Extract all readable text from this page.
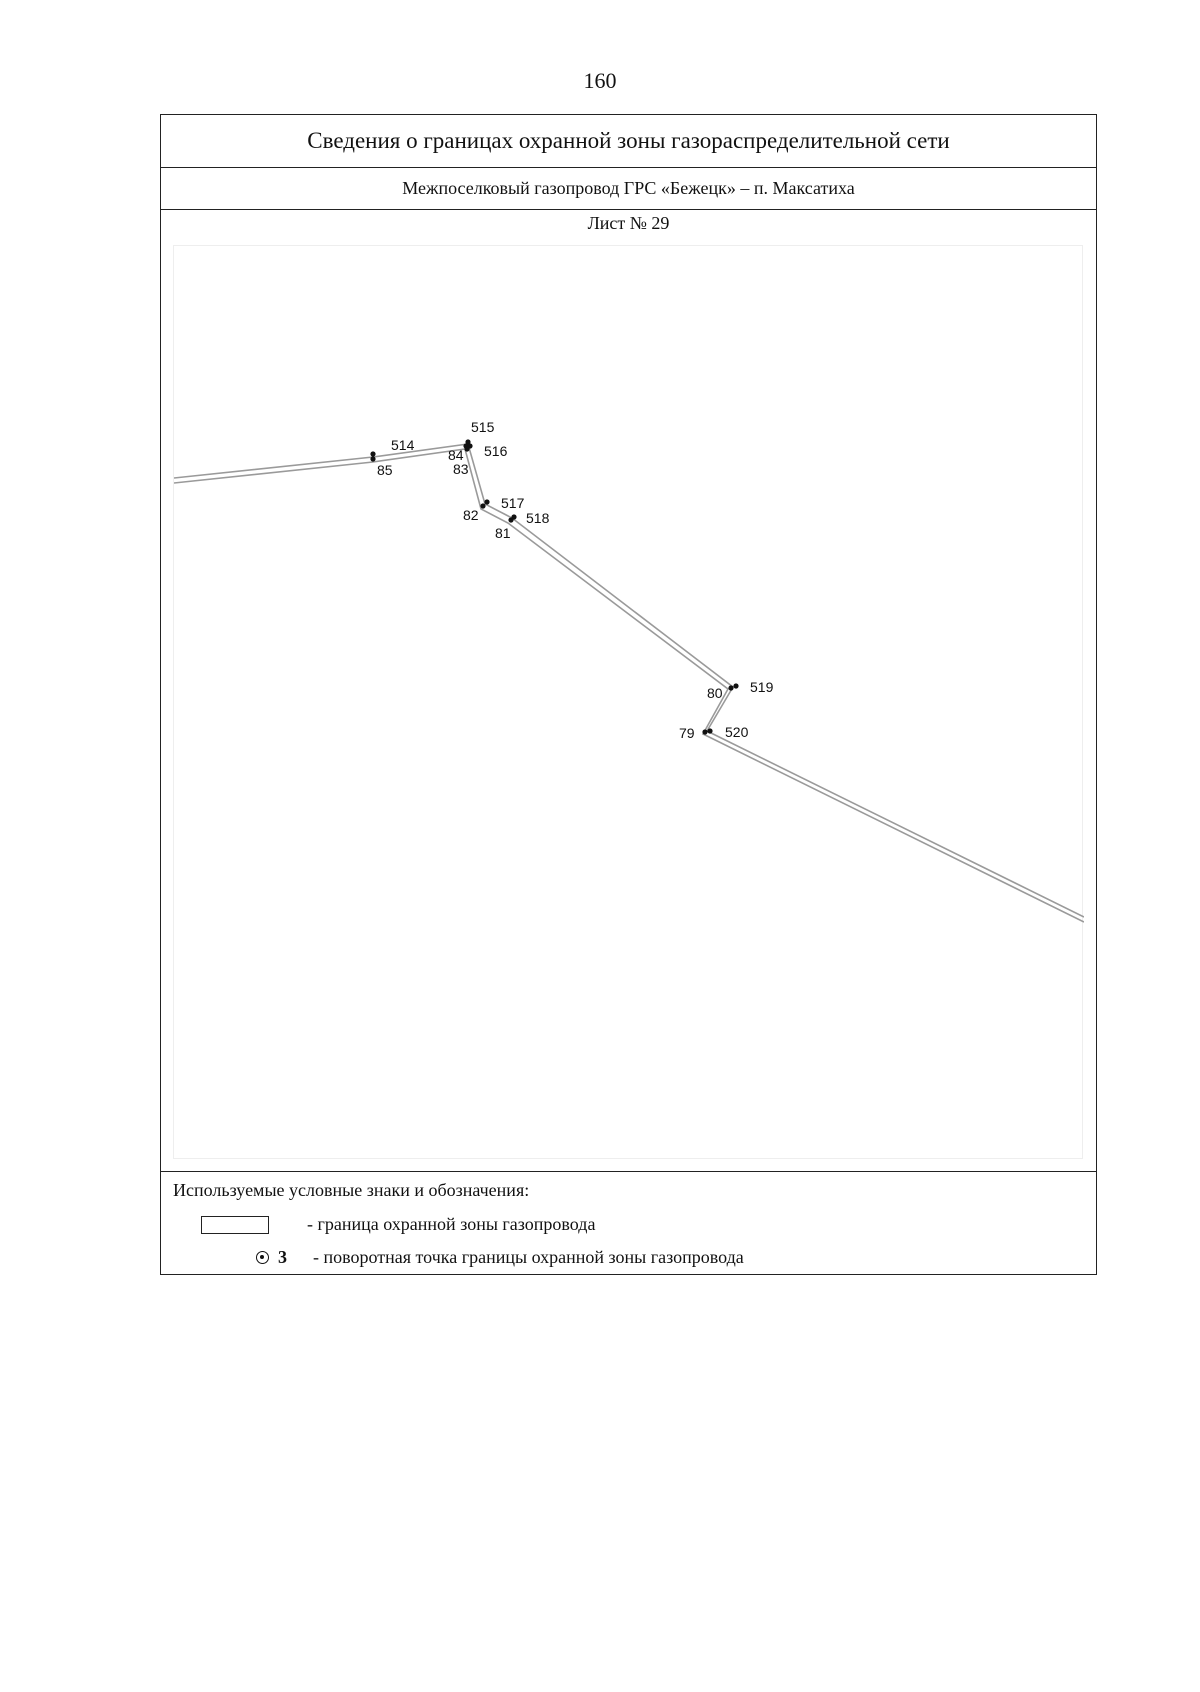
160
Сведения о границах охранной зоны газораспределительной сети
Межпоселковый газопровод ГРС «Бежецк» – п. Максатиха
Лист № 29
514
85
515
84 516
83
517
82	518
81
519
80
520
79
Используемые условные знаки и обозначения:
- граница охранной зоны газопровода
3 - поворотная точка границы охранной зоны газопровода
